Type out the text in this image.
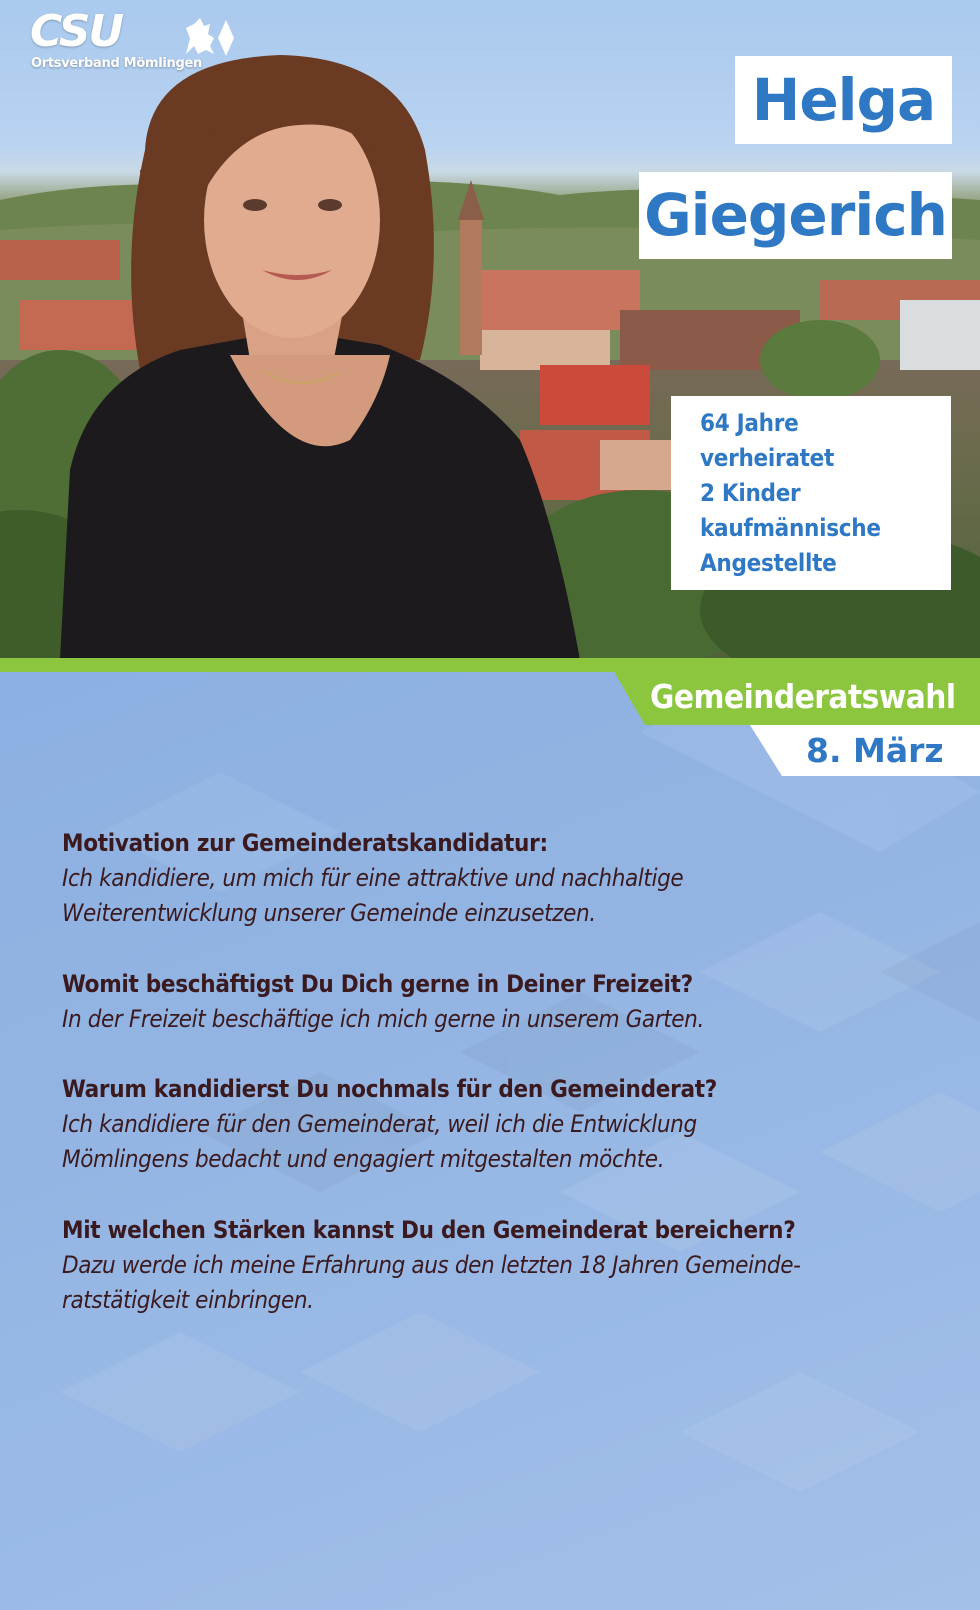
CSU
Ortsverband Mömlingen
Helga
Giegerich
64 Jahre
verheiratet
2 Kinder
kaufmännische
Angestellte
Gemeinderatswahl
8. März
Motivation zur Gemeinderatskandidatur:
Ich kandidiere, um mich für eine attraktive und nachhaltige
Weiterentwicklung unserer Gemeinde einzusetzen.
Womit beschäftigst Du Dich gerne in Deiner Freizeit?
In der Freizeit beschäftige ich mich gerne in unserem Garten.
Warum kandidierst Du nochmals für den Gemeinderat?
Ich kandidiere für den Gemeinderat, weil ich die Entwicklung
Mömlingens bedacht und engagiert mitgestalten möchte.
Mit welchen Stärken kannst Du den Gemeinderat bereichern?
Dazu werde ich meine Erfahrung aus den letzten 18 Jahren Gemeinde-
ratstätigkeit einbringen.
